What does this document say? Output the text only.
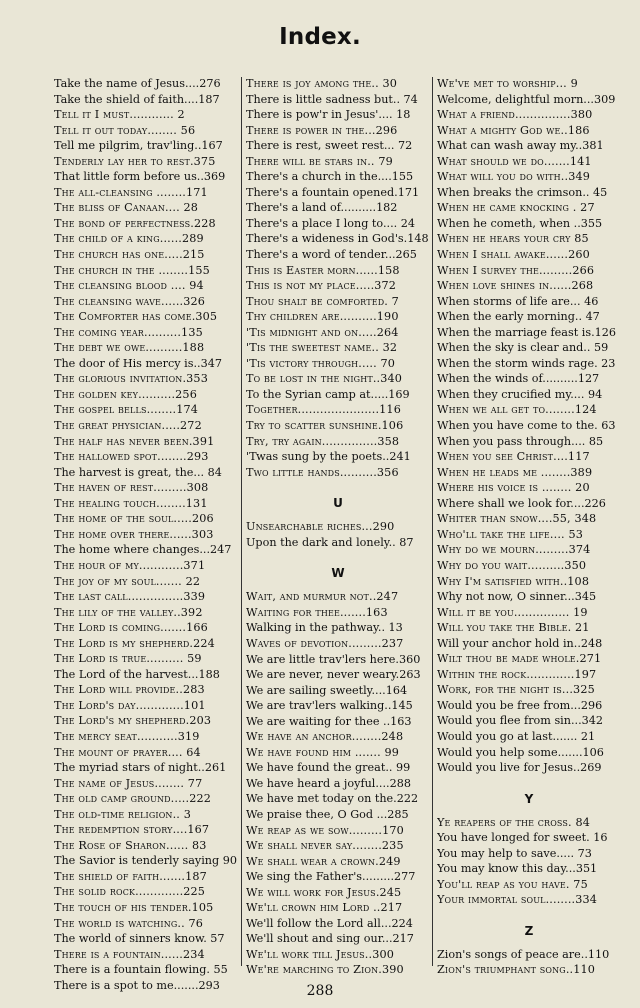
Index.
Take the name of Jesus....276
Take the shield of faith....187
Tell it I must............ 2
Tell it out today........ 56
Tell me pilgrim, trav'ling..167
Tenderly lay her to rest.375
That little form before us..369
The all-cleansing ........171
The bliss of Canaan.... 28
The bond of perfectness.228
The child of a king......289
The church has one.....215
The church in the ........155
The cleansing blood .... 94
The cleansing wave......326
The Comforter has come.305
The coming year..........135
The debt we owe..........188
The door of His mercy is..347
The glorious invitation.353
The golden key..........256
The gospel bells........174
The great physician.....272
The half has never been.391
The hallowed spot........293
The harvest is great, the... 84
The haven of rest.........308
The healing touch........131
The home of the soul.....206
The home over there......303
The home where changes...247
The hour of my............371
The joy of my soul....... 22
The last call...............339
The lily of the valley..392
The Lord is coming.......166
The Lord is my shepherd.224
The Lord is true.......... 59
The Lord of the harvest...188
The Lord will provide..283
The Lord's day.............101
The Lord's my shepherd.203
The mercy seat...........319
The mount of prayer.... 64
The myriad stars of night..261
The name of Jesus........ 77
The old camp ground.....222
The old-time religion.. 3
The redemption story....167
The Rose of Sharon...... 83
The Savior is tenderly saying 90
The shield of faith.......187
The solid rock.............225
The touch of his tender.105
The world is watching.. 76
The world of sinners know. 57
There is a fountain......234
There is a fountain flowing. 55
There is a spot to me.......293
There is joy among the.. 30
There is little sadness but.. 74
There is pow'r in Jesus'.... 18
There is power in the...296
There is rest, sweet rest... 72
There will be stars in.. 79
There's a church in the....155
There's a fountain opened.171
There's a land of..........182
There's a place I long to.... 24
There's a wideness in God's.148
There's a word of tender...265
This is Easter morn......158
This is not my place.....372
Thou shalt be comforted. 7
Thy children are..........190
'Tis midnight and on.....264
'Tis the sweetest name.. 32
'Tis victory through..... 70
To be lost in the night..340
To the Syrian camp at.....169
Together......................116
Try to scatter sunshine.106
Try, try again...............358
'Twas sung by the poets..241
Two little hands..........356
U
Unsearchable riches...290
Upon the dark and lonely.. 87
W
Wait, and murmur not..247
Waiting for thee.......163
Walking in the pathway.. 13
Waves of devotion.........237
We are little trav'lers here.360
We are never, never weary.263
We are sailing sweetly....164
We are trav'lers walking..145
We are waiting for thee ..163
We have an anchor........248
We have found him ....... 99
We have found the great.. 99
We have heard a joyful....288
We have met today on the.222
We praise thee, O God ...285
We reap as we sow.........170
We shall never say........235
We shall wear a crown.249
We sing the Father's.........277
We will work for Jesus.245
We'll crown him Lord ..217
We'll follow the Lord all...224
We'll shout and sing our...217
We'll work till Jesus..300
We're marching to Zion.390
We've met to worship... 9
Welcome, delightful morn...309
What a friend...............380
What a mighty God we..186
What can wash away my..381
What should we do.......141
What will you do with..349
When breaks the crimson.. 45
When he came knocking . 27
When he cometh, when ..355
When he hears your cry 85
When I shall awake......260
When I survey the.........266
When love shines in......268
When storms of life are... 46
When the early morning.. 47
When the marriage feast is.126
When the sky is clear and.. 59
When the storm winds rage. 23
When the winds of..........127
When they crucified my.... 94
When we all get to........124
When you have come to the. 63
When you pass through.... 85
When you see Christ....117
When he leads me ........389
Where his voice is ........ 20
Where shall we look for....226
Whiter than snow....55, 348
Who'll take the life.... 53
Why do we mourn.........374
Why do you wait..........350
Why I'm satisfied with..108
Why not now, O sinner...345
Will it be you............... 19
Will you take the Bible. 21
Will your anchor hold in..248
Wilt thou be made whole.271
Within the rock.............197
Work, for the night is...325
Would you be free from...296
Would you flee from sin...342
Would you go at last....... 21
Would you help some.......106
Would you live for Jesus..269
Y
Ye reapers of the cross. 84
You have longed for sweet. 16
You may help to save..... 73
You may know this day...351
You'll reap as you have. 75
Your immortal soul........334
Z
Zion's songs of peace are..110
Zion's triumphant song..110
288
